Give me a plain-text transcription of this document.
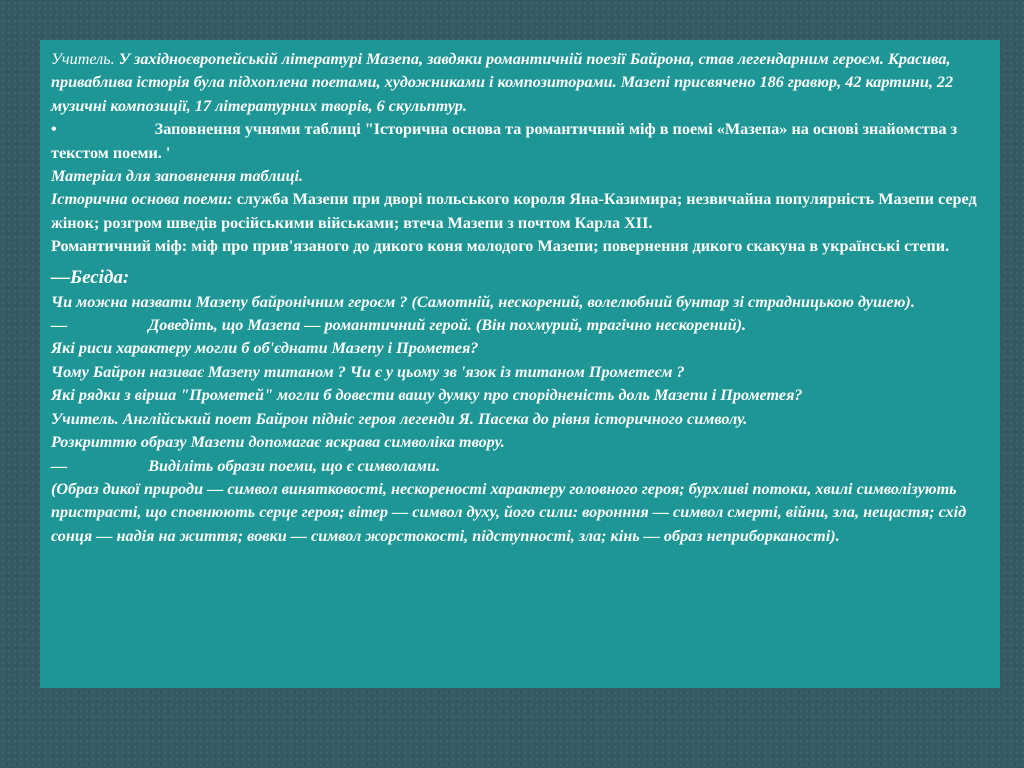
Учитель. У західноєвропейській літературі Мазепа, завдяки романтичній поезії Байрона, став легендарним героєм. Красива, приваблива історія була підхоплена поетами, художниками і композиторами. Мазепі присвячено 186 гравюр, 42 картини, 22 музичні композиції, 17 літературних творів, 6 скульптур.
•	Заповнення учнями таблиці "Історична основа та романтичний міф в поемі «Мазепа» на основі знайомства з текстом поеми. '
Матеріал для заповнення таблиці.
Історична основа поеми: служба Мазепи при дворі польського короля Яна-Казимира; незвичайна популярність Мазепи серед жінок; розгром шведів російськими військами; втеча Мазепи з почтом Карла XII.
Романтичний міф: міф про прив'язаного до дикого коня молодого Мазепи; повернення дикого скакуна в українські степи.
—Бесіда:
Чи можна назвати Мазепу байронічним героєм ? (Самотній, нескорений, волелюбний бунтар зі страдницькою душею).
—	Доведіть, що Мазепа — романтичний герой. (Він похмурий, трагічно нескорений).
Які риси характеру могли б об'єднати Мазепу і Прометея?
Чому Байрон називає Мазепу титаном ? Чи є у цьому зв 'язок із титаном Прометеєм ?
Які рядки з вірша "Прометей" могли б довести вашу думку про спорідненість доль Мазепи і Прометея?
Учитель. Англійський поет Байрон підніс героя легенди Я. Пасека до рівня історичного символу.
Розкриттю образу Мазепи допомагає яскрава символіка твору.
—	Виділіть образи поеми, що є символами.
(Образ дикої природи — символ винятковості, нескореності характеру головного героя; бурхливі потоки, хвилі символізують пристрасті, що сповнюють серце героя; вітер — символ духу, його сили: воронння — символ смерті, війни, зла, нещастя; схід сонця — надія на життя; вовки — символ жорстокості, підступності, зла; кінь — образ неприборканості).
